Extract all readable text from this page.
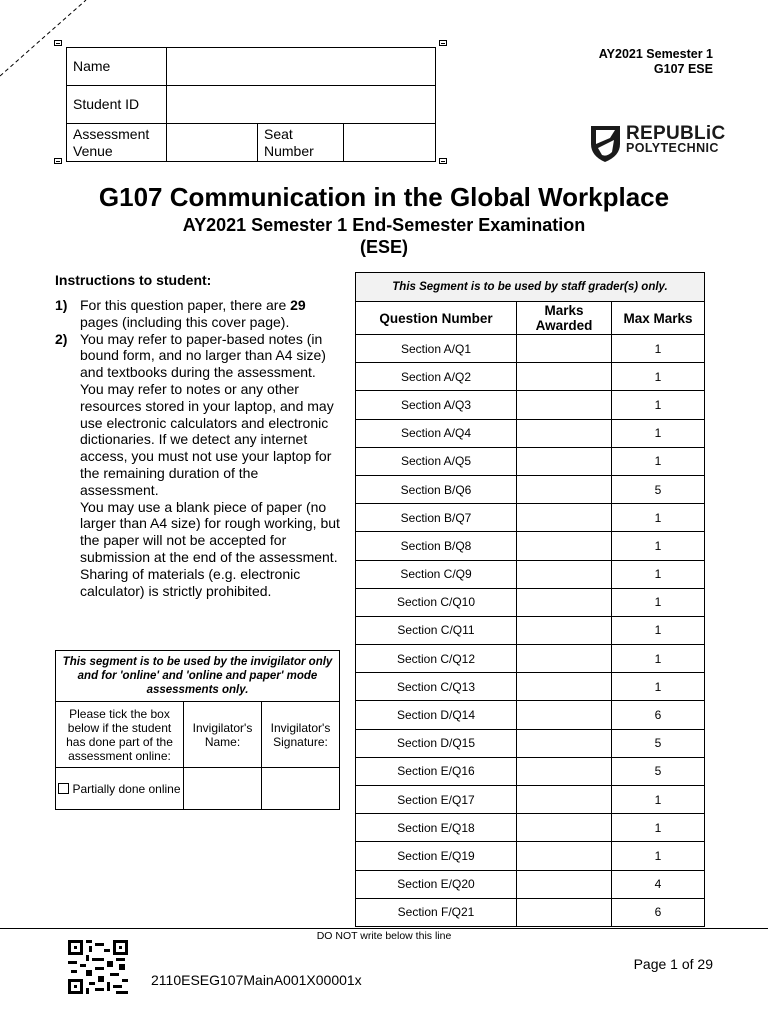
Name			
Student ID			
Assessment Venue		Seat Number	
AY2021 Semester 1
G107 ESE
REPUBLiC
POLYTECHNIC
G107 Communication in the Global Workplace
AY2021 Semester 1 End-Semester Examination
(ESE)
Instructions to student:
1) For this question paper, there are 29 pages (including this cover page).
2) You may refer to paper-based notes (in bound form, and no larger than A4 size) and textbooks during the assessment.

You may refer to notes or any other resources stored in your laptop, and may use electronic calculators and electronic dictionaries. If we detect any internet access, you must not use your laptop for the remaining duration of the assessment.

You may use a blank piece of paper (no larger than A4 size) for rough working, but the paper will not be accepted for submission at the end of the assessment.

Sharing of materials (e.g. electronic calculator) is strictly prohibited.

This segment is to be used by the invigilator only and for 'online' and 'online and paper' mode assessments only.		
Please tick the box below if the student has done part of the assessment online:	Invigilator's Name:	Invigilator's Signature:
Partially done online		
This Segment is to be used by staff grader(s) only.		
Question Number	Marks Awarded	Max Marks
Section A/Q1		1
Section A/Q2		1
Section A/Q3		1
Section A/Q4		1
Section A/Q5		1
Section B/Q6		5
Section B/Q7		1
Section B/Q8		1
Section C/Q9		1
Section C/Q10		1
Section C/Q11		1
Section C/Q12		1
Section C/Q13		1
Section D/Q14		6
Section D/Q15		5
Section E/Q16		5
Section E/Q17		1
Section E/Q18		1
Section E/Q19		1
Section E/Q20		4
Section F/Q21		6
DO NOT write below this line
Page 1 of 29
2110ESEG107MainA001X00001x
